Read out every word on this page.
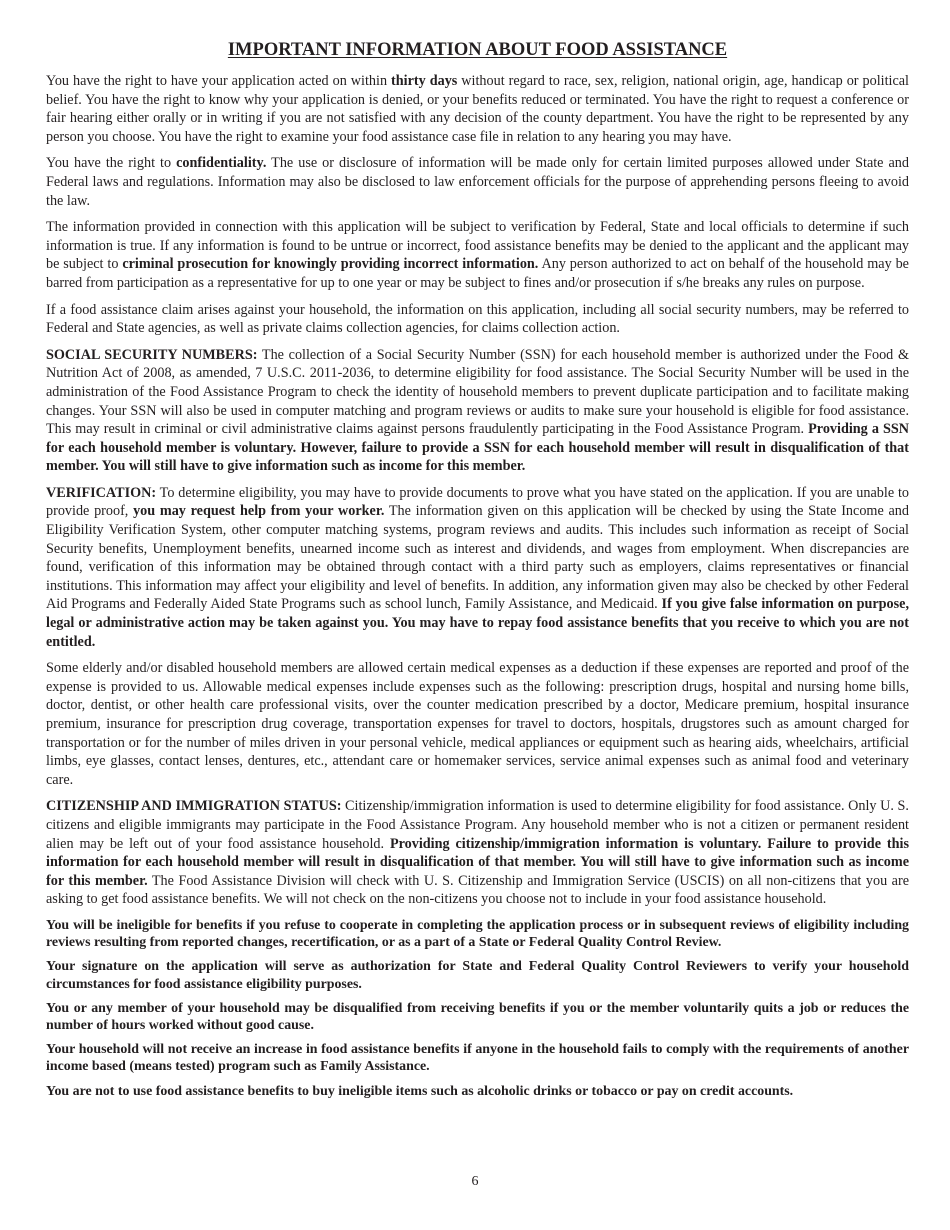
IMPORTANT INFORMATION ABOUT FOOD ASSISTANCE

You have the right to have your application acted on within thirty days without regard to race, sex, religion, national origin, age, handicap or political belief. You have the right to know why your application is denied, or your benefits reduced or terminated. You have the right to request a conference or fair hearing either orally or in writing if you are not satisfied with any decision of the county department. You have the right to be represented by any person you choose. You have the right to examine your food assistance case file in relation to any hearing you may have.

You have the right to confidentiality. The use or disclosure of information will be made only for certain limited purposes allowed under State and Federal laws and regulations. Information may also be disclosed to law enforcement officials for the purpose of apprehending persons fleeing to avoid the law.

The information provided in connection with this application will be subject to verification by Federal, State and local officials to determine if such information is true. If any information is found to be untrue or incorrect, food assistance benefits may be denied to the applicant and the applicant may be subject to criminal prosecution for knowingly providing incorrect information. Any person authorized to act on behalf of the household may be barred from participation as a representative for up to one year or may be subject to fines and/or prosecution if s/he breaks any rules on purpose.

If a food assistance claim arises against your household, the information on this application, including all social security numbers, may be referred to Federal and State agencies, as well as private claims collection agencies, for claims collection action.

SOCIAL SECURITY NUMBERS: The collection of a Social Security Number (SSN) for each household member is authorized under the Food & Nutrition Act of 2008, as amended, 7 U.S.C. 2011-2036, to determine eligibility for food assistance. The Social Security Number will be used in the administration of the Food Assistance Program to check the identity of household members to prevent duplicate participation and to facilitate making changes. Your SSN will also be used in computer matching and program reviews or audits to make sure your household is eligible for food assistance. This may result in criminal or civil administrative claims against persons fraudulently participating in the Food Assistance Program. Providing a SSN for each household member is voluntary. However, failure to provide a SSN for each household member will result in disqualification of that member. You will still have to give information such as income for this member.

VERIFICATION: To determine eligibility, you may have to provide documents to prove what you have stated on the application. If you are unable to provide proof, you may request help from your worker. The information given on this application will be checked by using the State Income and Eligibility Verification System, other computer matching systems, program reviews and audits. This includes such information as receipt of Social Security benefits, Unemployment benefits, unearned income such as interest and dividends, and wages from employment. When discrepancies are found, verification of this information may be obtained through contact with a third party such as employers, claims representatives or financial institutions. This information may affect your eligibility and level of benefits. In addition, any information given may also be checked by other Federal Aid Programs and Federally Aided State Programs such as school lunch, Family Assistance, and Medicaid. If you give false information on purpose, legal or administrative action may be taken against you. You may have to repay food assistance benefits that you receive to which you are not entitled.

Some elderly and/or disabled household members are allowed certain medical expenses as a deduction if these expenses are reported and proof of the expense is provided to us. Allowable medical expenses include expenses such as the following: prescription drugs, hospital and nursing home bills, doctor, dentist, or other health care professional visits, over the counter medication prescribed by a doctor, Medicare premium, hospital insurance premium, insurance for prescription drug coverage, transportation expenses for travel to doctors, hospitals, drugstores such as amount charged for transportation or for the number of miles driven in your personal vehicle, medical appliances or equipment such as hearing aids, wheelchairs, artificial limbs, eye glasses, contact lenses, dentures, etc., attendant care or homemaker services, service animal expenses such as animal food and veterinary care.

CITIZENSHIP AND IMMIGRATION STATUS: Citizenship/immigration information is used to determine eligibility for food assistance. Only U. S. citizens and eligible immigrants may participate in the Food Assistance Program. Any household member who is not a citizen or permanent resident alien may be left out of your food assistance household. Providing citizenship/immigration information is voluntary. Failure to provide this information for each household member will result in disqualification of that member. You will still have to give information such as income for this member. The Food Assistance Division will check with U. S. Citizenship and Immigration Service (USCIS) on all non-citizens that you are asking to get food assistance benefits. We will not check on the non-citizens you choose not to include in your food assistance household.

You will be ineligible for benefits if you refuse to cooperate in completing the application process or in subsequent reviews of eligibility including reviews resulting from reported changes, recertification, or as a part of a State or Federal Quality Control Review.

Your signature on the application will serve as authorization for State and Federal Quality Control Reviewers to verify your household circumstances for food assistance eligibility purposes.

You or any member of your household may be disqualified from receiving benefits if you or the member voluntarily quits a job or reduces the number of hours worked without good cause.

Your household will not receive an increase in food assistance benefits if anyone in the household fails to comply with the requirements of another income based (means tested) program such as Family Assistance.

You are not to use food assistance benefits to buy ineligible items such as alcoholic drinks or tobacco or pay on credit accounts.

6
